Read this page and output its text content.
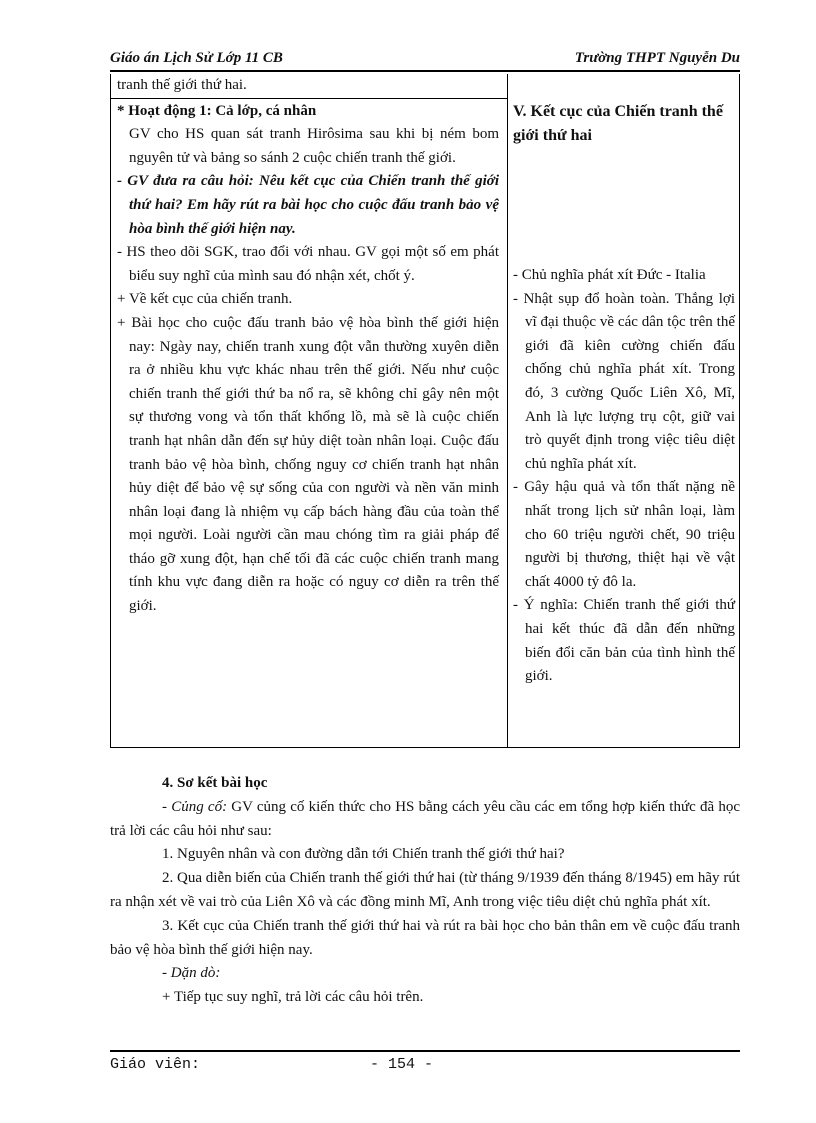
Giáo án Lịch Sử Lớp 11 CB	Trường THPT Nguyễn Du

tranh thế giới thứ hai.

* Hoạt động 1: Cả lớp, cá nhân

GV cho HS quan sát tranh Hirôsima sau khi bị ném bom nguyên tử và bảng so sánh 2 cuộc chiến tranh thế giới.

- GV đưa ra câu hỏi: Nêu kết cục của Chiến tranh thế giới thứ hai? Em hãy rút ra bài học cho cuộc đấu tranh bảo vệ hòa bình thế giới hiện nay.

- HS theo dõi SGK, trao đổi với nhau. GV gọi một số em phát biểu suy nghĩ của mình sau đó nhận xét, chốt ý.

+ Về kết cục của chiến tranh.

+ Bài học cho cuộc đấu tranh bảo vệ hòa bình thế giới hiện nay: Ngày nay, chiến tranh xung đột vẫn thường xuyên diễn ra ở nhiều khu vực khác nhau trên thế giới. Nếu như cuộc chiến tranh thế giới thứ ba nổ ra, sẽ không chỉ gây nên một sự thương vong và tổn thất khổng lồ, mà sẽ là cuộc chiến tranh hạt nhân dẫn đến sự hủy diệt toàn nhân loại. Cuộc đấu tranh bảo vệ hòa bình, chống nguy cơ chiến tranh hạt nhân hủy diệt để bảo vệ sự sống của con người và nền văn minh nhân loại đang là nhiệm vụ cấp bách hàng đầu của toàn thể mọi người. Loài người cần mau chóng tìm ra giải pháp để tháo gỡ xung đột, hạn chế tối đã các cuộc chiến tranh mang tính khu vực đang diễn ra hoặc có nguy cơ diễn ra trên thế giới.

V. Kết cục của Chiến tranh thế giới thứ hai

- Chủ nghĩa phát xít Đức - Italia

- Nhật sụp đổ hoàn toàn. Thắng lợi vĩ đại thuộc về các dân tộc trên thế giới đã kiên cường chiến đấu chống chủ nghĩa phát xít. Trong đó, 3 cường Quốc Liên Xô, Mĩ, Anh là lực lượng trụ cột, giữ vai trò quyết định trong việc tiêu diệt chủ nghĩa phát xít.

- Gây hậu quả và tổn thất nặng nề nhất trong lịch sử nhân loại, làm cho 60 triệu người chết, 90 triệu người bị thương, thiệt hại về vật chất 4000 tỷ đô la.

- Ý nghĩa: Chiến tranh thế giới thứ hai kết thúc đã dẫn đến những biến đổi căn bản của tình hình thế giới.

4. Sơ kết bài học

- Củng cố: GV củng cố kiến thức cho HS bằng cách yêu cầu các em tổng hợp kiến thức đã học trả lời các câu hỏi như sau:

1. Nguyên nhân và con đường dẫn tới Chiến tranh thế giới thứ hai?

2. Qua diễn biến của Chiến tranh thế giới thứ hai (từ tháng 9/1939 đến tháng 8/1945) em hãy rút ra nhận xét về vai trò của Liên Xô và các đồng minh Mĩ, Anh trong việc tiêu diệt chủ nghĩa phát xít.

3. Kết cục của Chiến tranh thế giới thứ hai và rút ra bài học cho bản thân em về cuộc đấu tranh bảo vệ hòa bình thế giới hiện nay.

- Dặn dò:

+ Tiếp tục suy nghĩ, trả lời các câu hỏi trên.

Giáo viên:	- 154 -
